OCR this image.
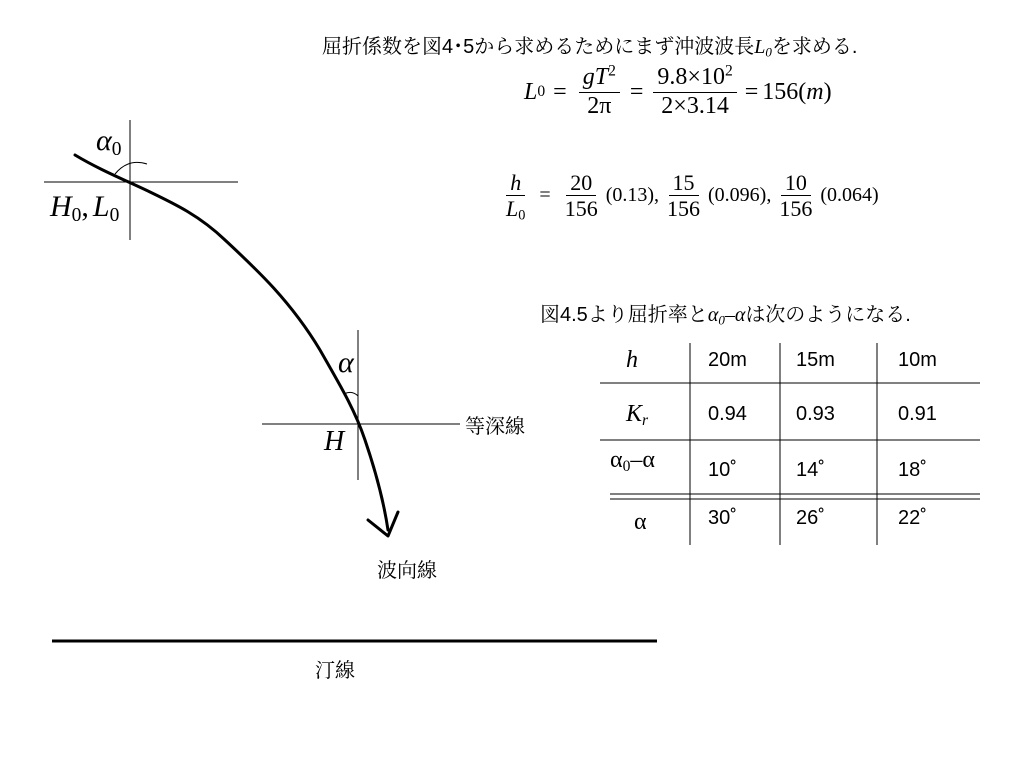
屈折係数を図4･5から求めるためにまず沖波波長$L_0$を求める.
L $0 = \frac{gT^2}{2\pi} = \frac{9.8\times 10^2}{2\times 3.14} = 156(m)$
$\frac{h}{L_0} = \frac{20}{156} (0.13)$, $\frac{15}{156} (0.096)$, $\frac{10}{156} (0.064)$
図4.5より屈折率と$\alpha_0-\alpha$は次のようになる.
h	20m 15m	10m
$K_r$	0.94 0.93	0.91
$\alpha_0-\alpha$	10˚	14˚	18˚
α	30˚	26˚	22˚
$\alpha_0$
$H_0$, $L_0$
α
H	等深線
波向線
汀線
